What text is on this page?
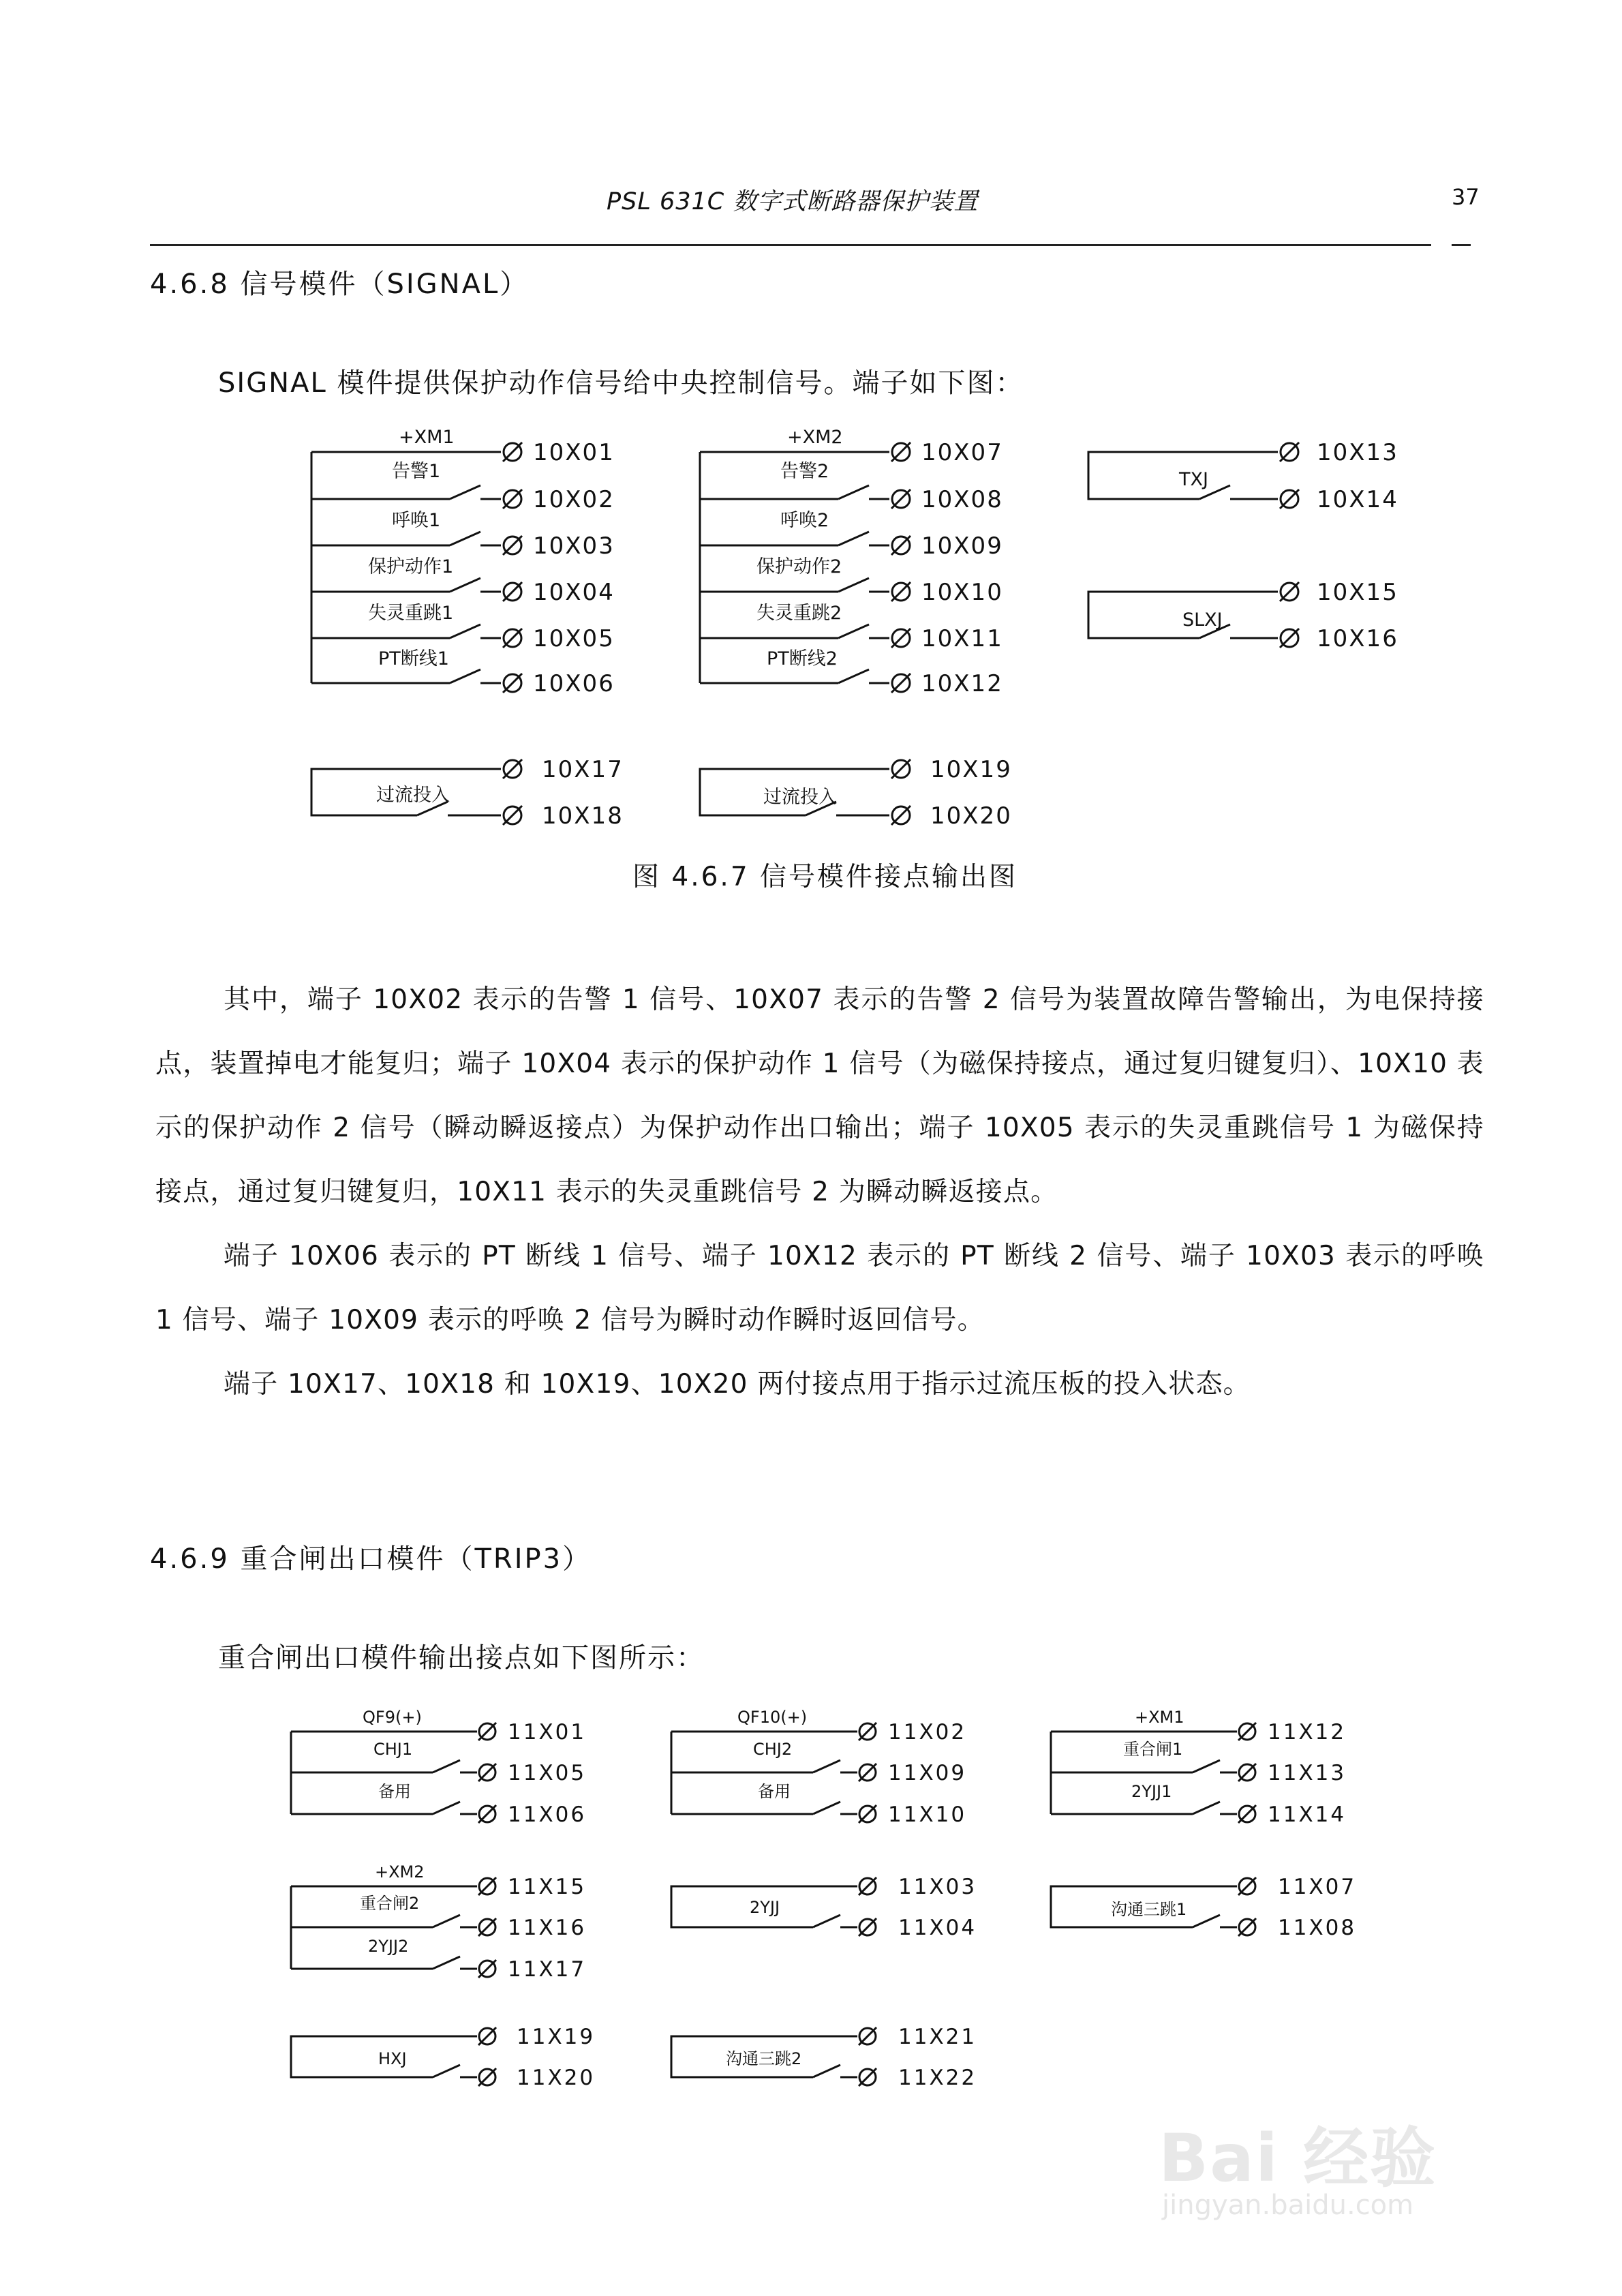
PSL 631C 数字式断路器保护装置	37
4.6.8 信号模件（SIGNAL）
SIGNAL 模件提供保护动作信号给中央控制信号。端子如下图：
+XM1
告警1
呼唤1
保护动作1
失灵重跳1
PT断线1
10X01
10X02
10X03
10X04
10X05
10X06
+XM2
告警2
呼唤2
保护动作2
失灵重跳2
PT断线2
10X07
10X08
10X09
10X10
10X11
10X12
TXJ
10X13
10X14
SLXJ
10X15
10X16
过流投入
10X17
10X18
过流投入
10X19
10X20
图 4.6.7 信号模件接点输出图

其中，端子 10X02 表示的告警 1 信号、10X07 表示的告警 2 信号为装置故障告警输出，为电保持接点，装置掉电才能复归；端子 10X04 表示的保护动作 1 信号（为磁保持接点，通过复归键复归）、10X10 表示的保护动作 2 信号（瞬动瞬返接点）为保护动作出口输出；端子 10X05 表示的失灵重跳信号 1 为磁保持接点，通过复归键复归，10X11 表示的失灵重跳信号 2 为瞬动瞬返接点。

端子 10X06 表示的 PT 断线 1 信号、端子 10X12 表示的 PT 断线 2 信号、端子 10X03 表示的呼唤 1 信号、端子 10X09 表示的呼唤 2 信号为瞬时动作瞬时返回信号。

端子 10X17、10X18 和 10X19、10X20 两付接点用于指示过流压板的投入状态。

4.6.9 重合闸出口模件（TRIP3）
重合闸出口模件输出接点如下图所示：
QF9(+)
CHJ1
备用
11X01
11X05
11X06
QF10(+)
CHJ2
备用
11X02
11X09
11X10
+XM1
重合闸1
2YJJ1
11X12
11X13
11X14
+XM2
重合闸2
2YJJ2
11X15
11X16
11X17
2YJJ
11X03
11X04
沟通三跳1
11X07
11X08
HXJ
11X19
11X20
沟通三跳2
11X21
11X22
Bai 经验
jingyan.baidu.com
